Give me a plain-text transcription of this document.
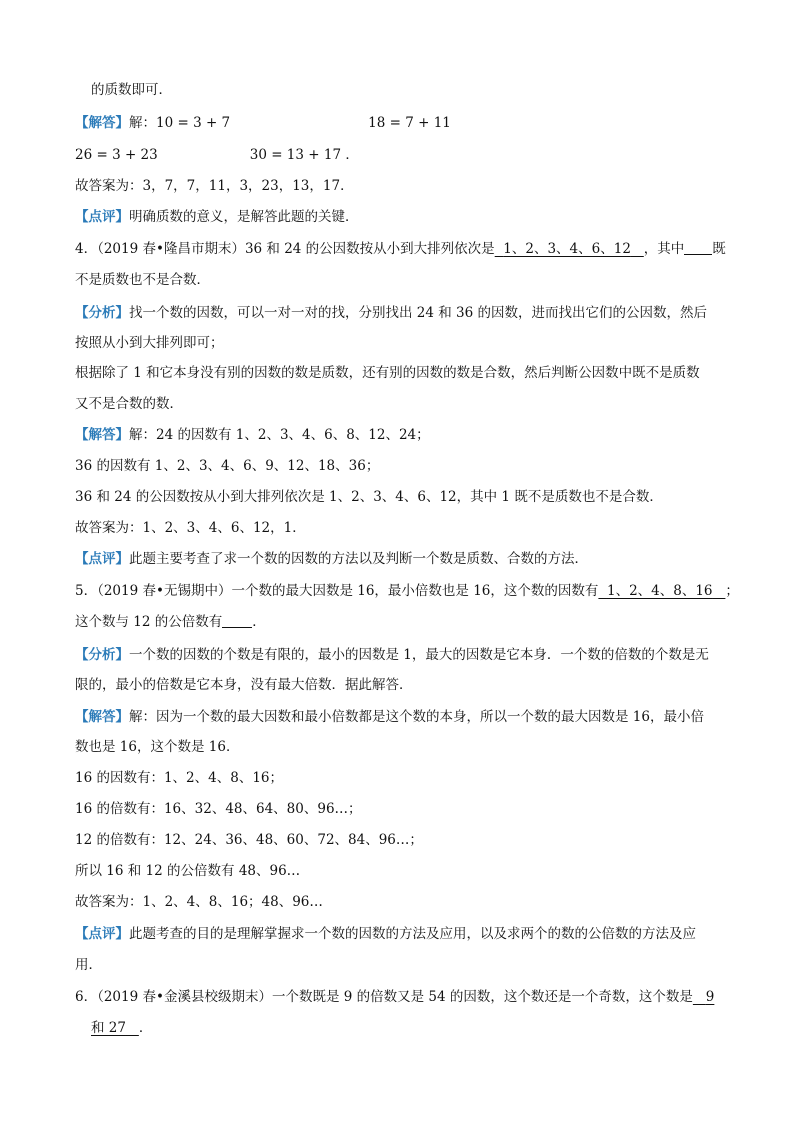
的质数即可．
【解答】解：10 = 3 + 7	18 = 7 + 11
26 = 3 + 23	30 = 13 + 17 ．
故答案为：3，7，7，11，3，23，13，17．
【点评】明确质数的意义，是解答此题的关键．
4．（2019 春•隆昌市期末）36 和 24 的公因数按从小到大排列依次是 1、2、3、4、6、12 ，其中 既
不是质数也不是合数．
【分析】找一个数的因数，可以一对一对的找，分别找出 24 和 36 的因数，进而找出它们的公因数，然后
按照从小到大排列即可；
根据除了 1 和它本身没有别的因数的数是质数，还有别的因数的数是合数，然后判断公因数中既不是质数
又不是合数的数．
【解答】解：24 的因数有 1、2、3、4、6、8、12、24；
36 的因数有 1、2、3、4、6、9、12、18、36；
36 和 24 的公因数按从小到大排列依次是 1、2、3、4、6、12，其中 1 既不是质数也不是合数．
故答案为：1、2、3、4、6、12，1．
【点评】此题主要考查了求一个数的因数的方法以及判断一个数是质数、合数的方法．
5．（2019 春•无锡期中）一个数的最大因数是 16，最小倍数也是 16，这个数的因数有 1、2、4、8、16 ；
这个数与 12 的公倍数有 ．
【分析】一个数的因数的个数是有限的，最小的因数是 1，最大的因数是它本身．一个数的倍数的个数是无
限的，最小的倍数是它本身，没有最大倍数．据此解答．
【解答】解：因为一个数的最大因数和最小倍数都是这个数的本身，所以一个数的最大因数是 16，最小倍
数也是 16，这个数是 16．
16 的因数有：1、2、4、8、16；
16 的倍数有：16、32、48、64、80、96…；
12 的倍数有：12、24、36、48、60、72、84、96…；
所以 16 和 12 的公倍数有 48、96…
故答案为：1、2、4、8、16；48、96…
【点评】此题考查的目的是理解掌握求一个数的因数的方法及应用，以及求两个的数的公倍数的方法及应
用．
6．（2019 春•金溪县校级期末）一个数既是 9 的倍数又是 54 的因数，这个数还是一个奇数，这个数是 9
和 27 ．
